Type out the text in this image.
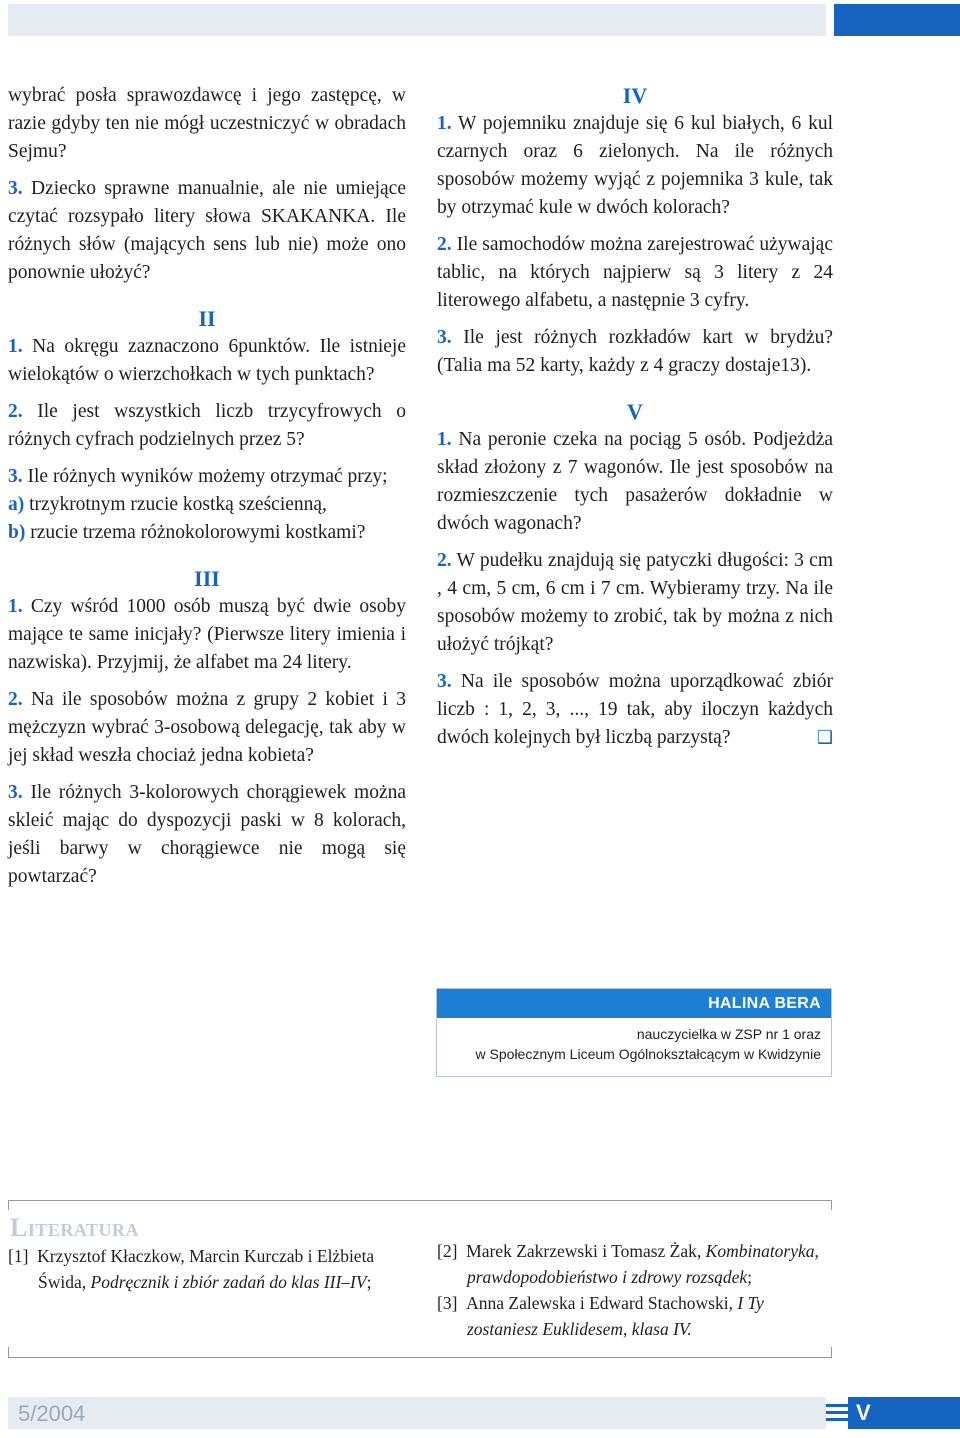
wybrać posła sprawozdawcę i jego zastępcę, w razie gdyby ten nie mógł uczestniczyć w obradach Sejmu?

3. Dziecko sprawne manualnie, ale nie umiejące czytać rozsypało litery słowa SKAKANKA. Ile różnych słów (mających sens lub nie) może ono ponownie ułożyć?

II

1. Na okręgu zaznaczono 6punktów. Ile istnieje wielokątów o wierzchołkach w tych punktach?

2. Ile jest wszystkich liczb trzycyfrowych o różnych cyfrach podzielnych przez 5?

3. Ile różnych wyników możemy otrzymać przy;

a) trzykrotnym rzucie kostką sześcienną,

b) rzucie trzema różnokolorowymi kostkami?

III

1. Czy wśród 1000 osób muszą być dwie osoby mające te same inicjały? (Pierwsze litery imienia i nazwiska). Przyjmij, że alfabet ma 24 litery.

2. Na ile sposobów można z grupy 2 kobiet i 3 mężczyzn wybrać 3-osobową delegację, tak aby w jej skład weszła chociaż jedna kobieta?

3. Ile różnych 3-kolorowych chorągiewek można skleić mając do dyspozycji paski w 8 kolorach, jeśli barwy w chorągiewce nie mogą się powtarzać?

IV

1. W pojemniku znajduje się 6 kul białych, 6 kul czarnych oraz 6 zielonych. Na ile różnych sposobów możemy wyjąć z pojemnika 3 kule, tak by otrzymać kule w dwóch kolorach?

2. Ile samochodów można zarejestrować używając tablic, na których najpierw są 3 litery z 24 literowego alfabetu, a następnie 3 cyfry.

3. Ile jest różnych rozkładów kart w brydżu? (Talia ma 52 karty, każdy z 4 graczy dostaje13).

V

1. Na peronie czeka na pociąg 5 osób. Podjeżdża skład złożony z 7 wagonów. Ile jest sposobów na rozmieszczenie tych pasażerów dokładnie w dwóch wagonach?

2. W pudełku znajdują się patyczki długości: 3 cm , 4 cm, 5 cm, 6 cm i 7 cm. Wybieramy trzy. Na ile sposobów możemy to zrobić, tak by można z nich ułożyć trójkąt?

3. Na ile sposobów można uporządkować zbiór liczb : 1, 2, 3, ..., 19 tak, aby iloczyn każdych dwóch kolejnych był liczbą parzystą?	❑

HALINA BERA
nauczycielka w ZSP nr 1 oraz
w Społecznym Liceum Ogólnokształcącym w Kwidzynie
LITERATURA
[1] Krzysztof Kłaczkow, Marcin Kurczab i Elżbieta Świda, Podręcznik i zbiór zadań do klas III–IV;
[2] Marek Zakrzewski i Tomasz Żak, Kombinatoryka, prawdopodobieństwo i zdrowy rozsądek;
[3] Anna Zalewska i Edward Stachowski, I Ty zostaniesz Euklidesem, klasa IV.
5/2004	V
